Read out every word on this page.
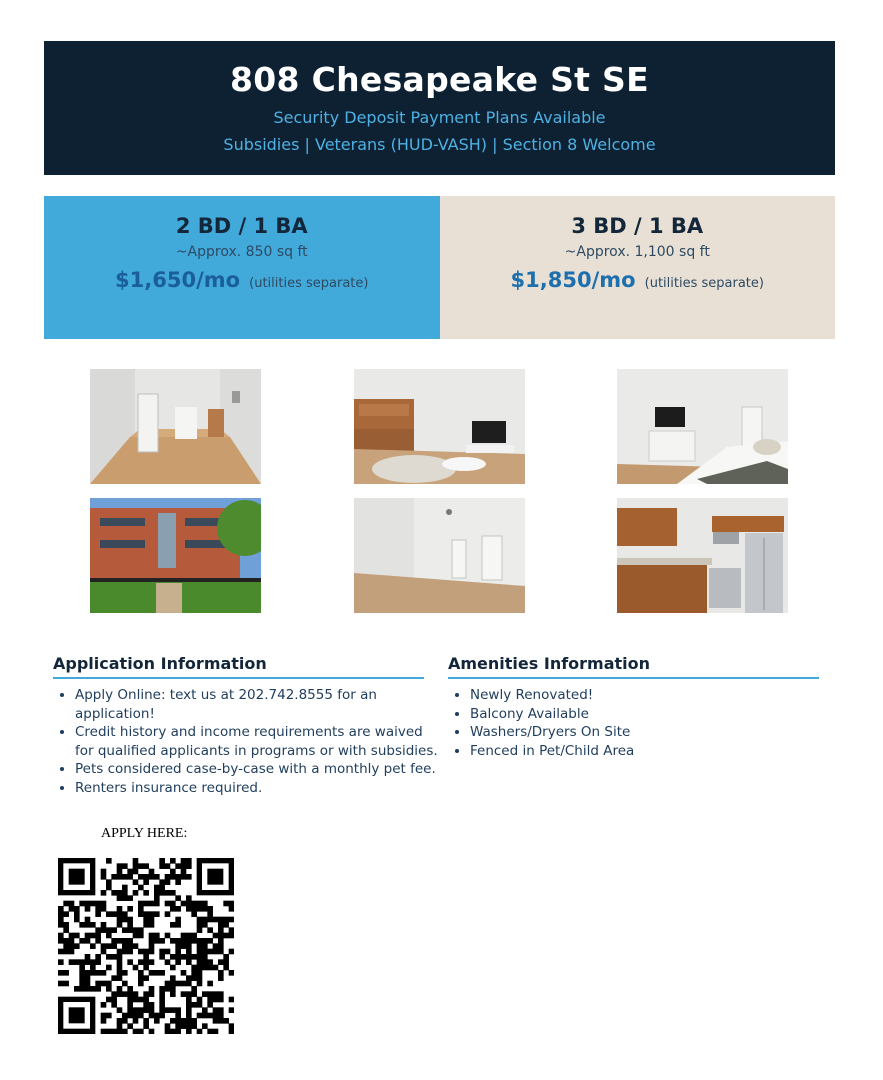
808 Chesapeake St SE
Security Deposit Payment Plans Available
Subsidies | Veterans (HUD-VASH) | Section 8 Welcome
2 BD / 1 BA
~Approx. 850 sq ft
$1,650/mo (utilities separate)
3 BD / 1 BA
~Approx. 1,100 sq ft
$1,850/mo (utilities separate)
Application Information
• Apply Online: text us at 202.742.8555 for an application!
• Credit history and income requirements are waived for qualified applicants in programs or with subsidies.
• Pets considered case-by-case with a monthly pet fee.
• Renters insurance required.
Amenities Information
• Newly Renovated!
• Balcony Available
• Washers/Dryers On Site
• Fenced in Pet/Child Area
APPLY HERE:
